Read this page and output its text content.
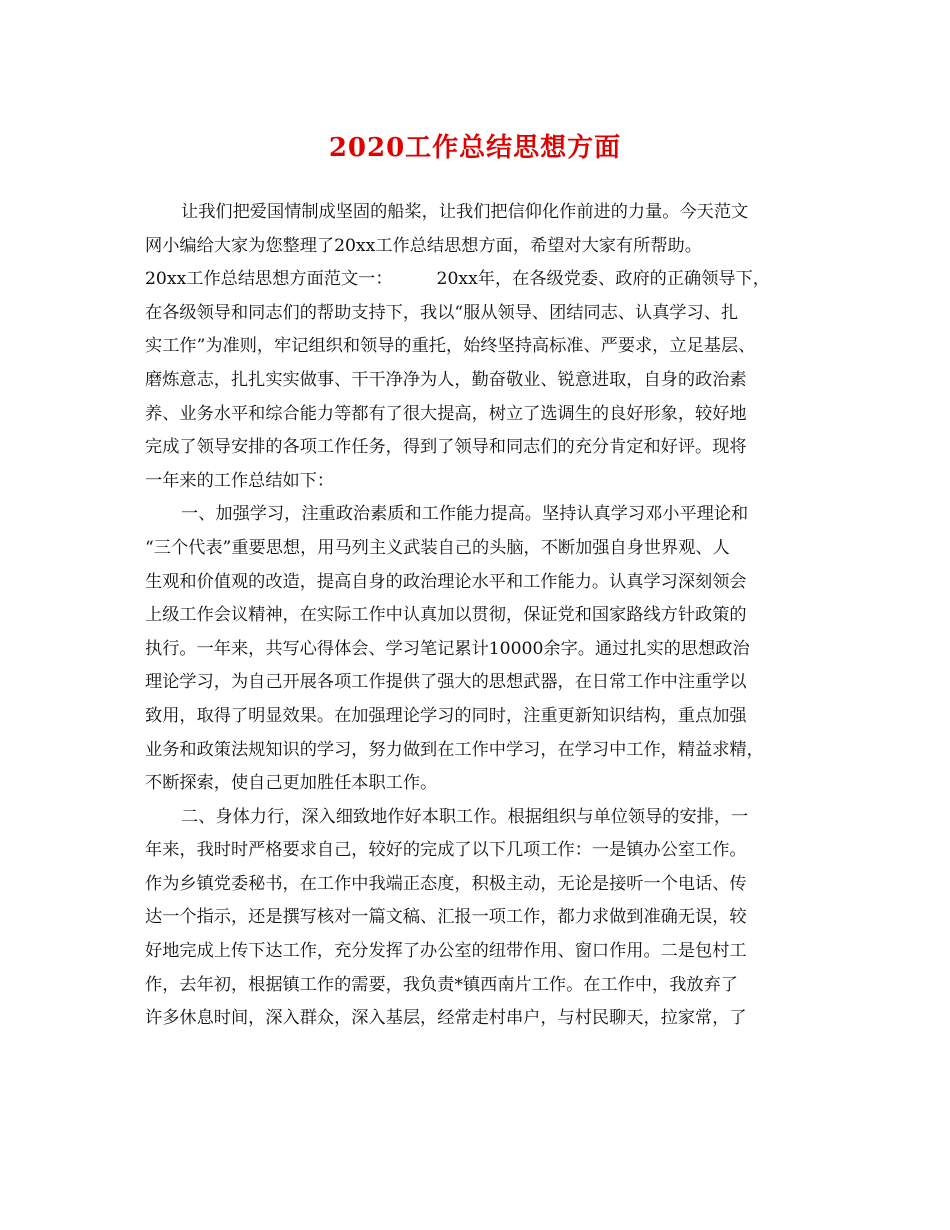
2020工作总结思想方面

让我们把爱国情制成坚固的船桨，让我们把信仰化作前进的力量。今天范文
网小编给大家为您整理了20xx工作总结思想方面，希望对大家有所帮助。

20xx工作总结思想方面范文一：	20xx年，在各级党委、政府的正确领导下，
在各级领导和同志们的帮助支持下，我以“服从领导、团结同志、认真学习、扎
实工作”为准则，牢记组织和领导的重托，始终坚持高标准、严要求，立足基层、
磨炼意志，扎扎实实做事、干干净净为人，勤奋敬业、锐意进取，自身的政治素
养、业务水平和综合能力等都有了很大提高，树立了选调生的良好形象，较好地
完成了领导安排的各项工作任务，得到了领导和同志们的充分肯定和好评。现将
一年来的工作总结如下：

一、加强学习，注重政治素质和工作能力提高。坚持认真学习邓小平理论和
“三个代表”重要思想，用马列主义武装自己的头脑，不断加强自身世界观、人
生观和价值观的改造，提高自身的政治理论水平和工作能力。认真学习深刻领会
上级工作会议精神，在实际工作中认真加以贯彻，保证党和国家路线方针政策的
执行。一年来，共写心得体会、学习笔记累计10000余字。通过扎实的思想政治
理论学习，为自己开展各项工作提供了强大的思想武器，在日常工作中注重学以
致用，取得了明显效果。在加强理论学习的同时，注重更新知识结构，重点加强
业务和政策法规知识的学习，努力做到在工作中学习，在学习中工作，精益求精，
不断探索，使自己更加胜任本职工作。

二、身体力行，深入细致地作好本职工作。根据组织与单位领导的安排，一
年来，我时时严格要求自己，较好的完成了以下几项工作：一是镇办公室工作。
作为乡镇党委秘书，在工作中我端正态度，积极主动，无论是接听一个电话、传
达一个指示，还是撰写核对一篇文稿、汇报一项工作，都力求做到准确无误，较
好地完成上传下达工作，充分发挥了办公室的纽带作用、窗口作用。二是包村工
作，去年初，根据镇工作的需要，我负责*镇西南片工作。在工作中，我放弃了
许多休息时间，深入群众，深入基层，经常走村串户，与村民聊天，拉家常，了
